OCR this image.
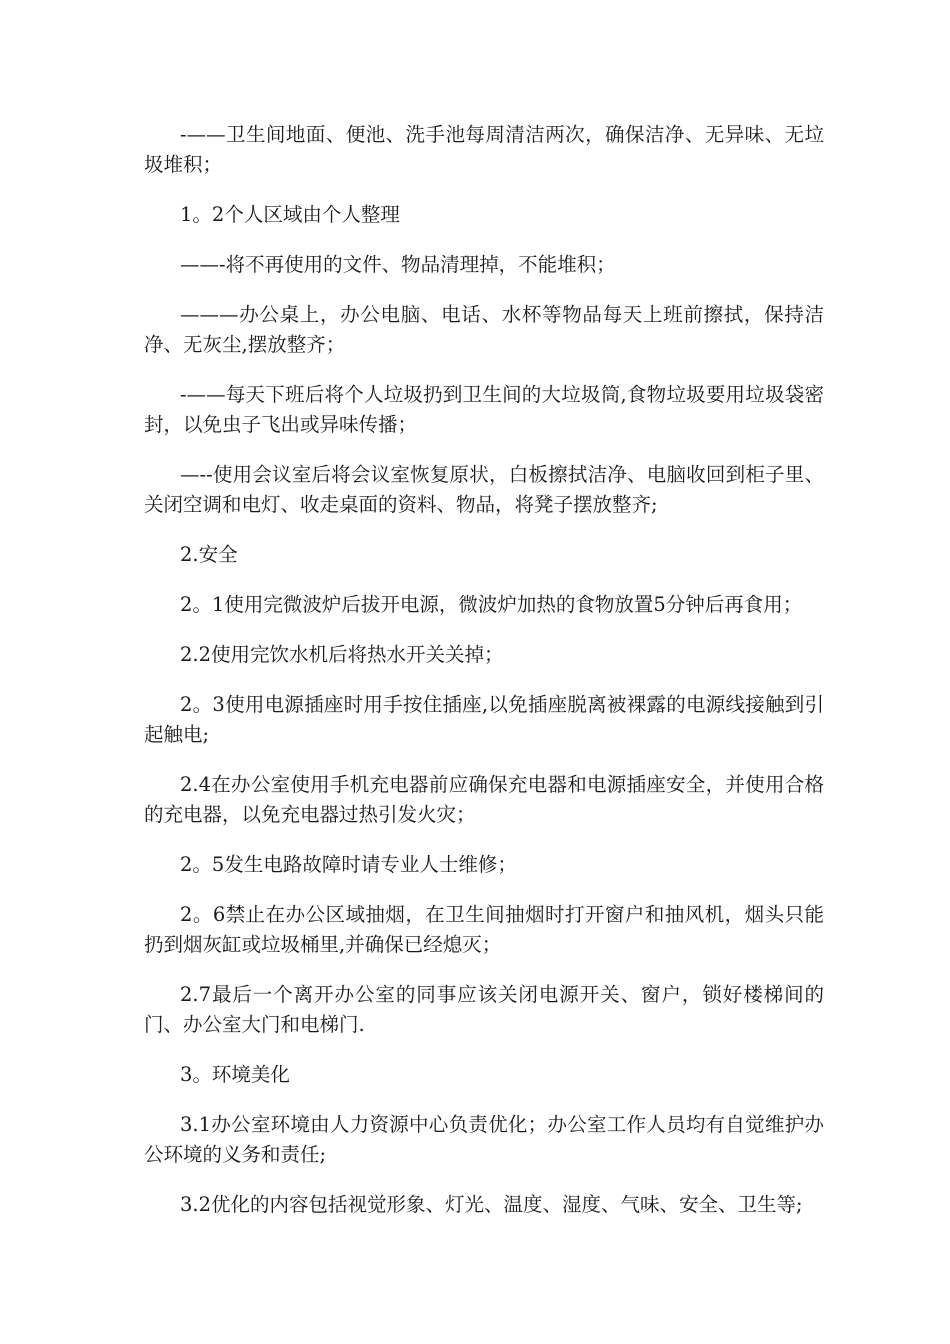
-——卫生间地面、便池、洗手池每周清洁两次，确保洁净、无异味、无垃圾堆积；

1。2个人区域由个人整理

——-将不再使用的文件、物品清理掉，不能堆积；

———办公桌上，办公电脑、电话、水杯等物品每天上班前擦拭，保持洁净、无灰尘,摆放整齐；

-——每天下班后将个人垃圾扔到卫生间的大垃圾筒,食物垃圾要用垃圾袋密封，以免虫子飞出或异味传播；

—--使用会议室后将会议室恢复原状，白板擦拭洁净、电脑收回到柜子里、关闭空调和电灯、收走桌面的资料、物品，将凳子摆放整齐;

2.安全

2。1使用完微波炉后拔开电源，微波炉加热的食物放置5分钟后再食用；

2.2使用完饮水机后将热水开关关掉；

2。3使用电源插座时用手按住插座,以免插座脱离被裸露的电源线接触到引起触电;

2.4在办公室使用手机充电器前应确保充电器和电源插座安全，并使用合格的充电器，以免充电器过热引发火灾；

2。5发生电路故障时请专业人士维修；

2。6禁止在办公区域抽烟，在卫生间抽烟时打开窗户和抽风机，烟头只能扔到烟灰缸或垃圾桶里,并确保已经熄灭；

2.7最后一个离开办公室的同事应该关闭电源开关、窗户，锁好楼梯间的门、办公室大门和电梯门.

3。环境美化

3.1办公室环境由人力资源中心负责优化；办公室工作人员均有自觉维护办公环境的义务和责任;

3.2优化的内容包括视觉形象、灯光、温度、湿度、气味、安全、卫生等;
